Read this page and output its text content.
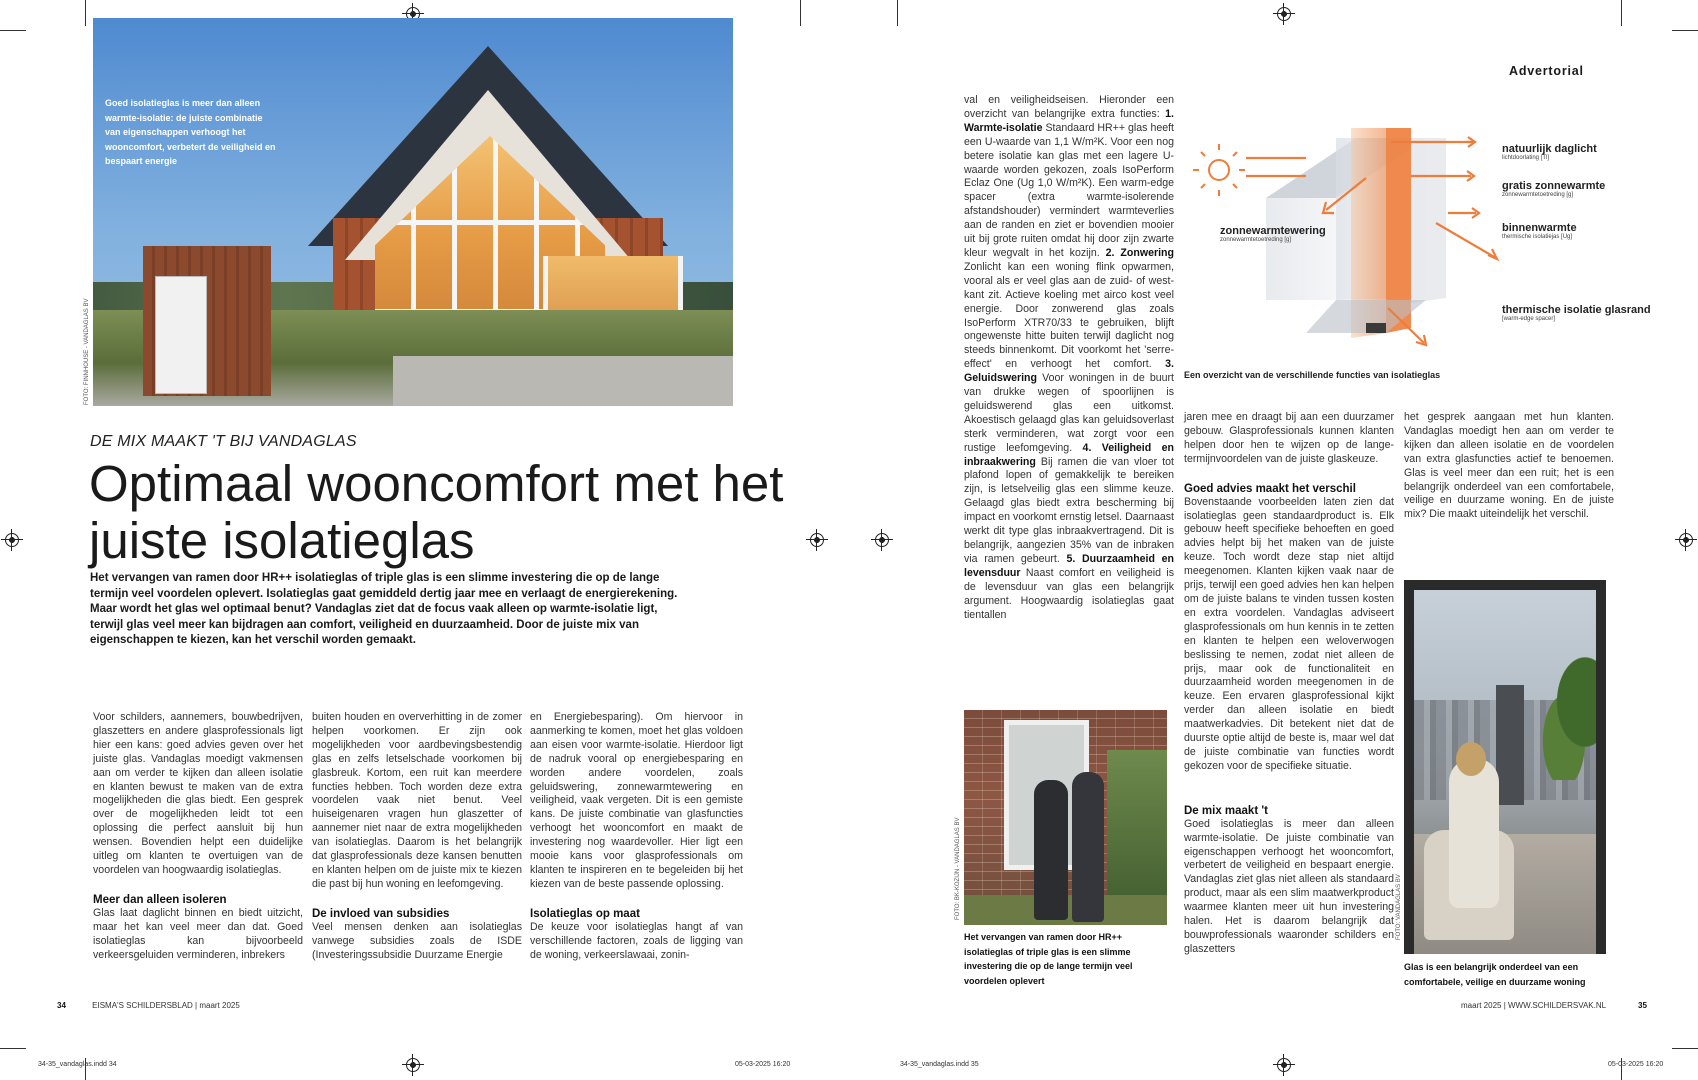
Goed isolatieglas is meer dan alleen warmte-isolatie: de juiste combinatie van eigenschappen verhoogt het wooncomfort, verbetert de veiligheid en bespaart energie
FOTO: FINNHOUSE - VANDAGLAS BV
DE MIX MAAKT 'T BIJ VANDAGLAS
Optimaal wooncomfort met het juiste isolatieglas
Het vervangen van ramen door HR++ isolatieglas of triple glas is een slimme investering die op de lange termijn veel voordelen oplevert. Isolatieglas gaat gemiddeld dertig jaar mee en verlaagt de energierekening. Maar wordt het glas wel optimaal benut? Vandaglas ziet dat de focus vaak alleen op warmte-isolatie ligt, terwijl glas veel meer kan bijdragen aan comfort, veiligheid en duurzaamheid. Door de juiste mix van eigenschappen te kiezen, kan het verschil worden gemaakt.

Voor schilders, aannemers, bouwbedrijven, glaszetters en andere glasprofessionals ligt hier een kans: goed advies geven over het juiste glas. Vandaglas moedigt vakmensen aan om verder te kijken dan alleen isolatie en klanten bewust te maken van de extra mogelijkheden die glas biedt. Een gesprek over de mogelijkheden leidt tot een oplossing die perfect aansluit bij hun wensen. Bovendien helpt een duidelijke uitleg om klanten te overtuigen van de voordelen van hoogwaardig isolatieglas.

Meer dan alleen isoleren

Glas laat daglicht binnen en biedt uitzicht, maar het kan veel meer dan dat. Goed isolatieglas kan bijvoorbeeld verkeersgeluiden verminderen, inbrekers

buiten houden en oververhitting in de zomer helpen voorkomen. Er zijn ook mogelijkheden voor aardbevingsbestendig glas en zelfs letselschade voorkomen bij glasbreuk. Kortom, een ruit kan meerdere functies hebben. Toch worden deze extra voordelen vaak niet benut. Veel huiseigenaren vragen hun glaszetter of aannemer niet naar de extra mogelijkheden van isolatieglas. Daarom is het belangrijk dat glasprofessionals deze kansen benutten en klanten helpen om de juiste mix te kiezen die past bij hun woning en leefomgeving.

De invloed van subsidies

Veel mensen denken aan isolatieglas vanwege subsidies zoals de ISDE (Investeringssubsidie Duurzame Energie

en Energiebesparing). Om hiervoor in aanmerking te komen, moet het glas voldoen aan eisen voor warmte-isolatie. Hierdoor ligt de nadruk vooral op energiebesparing en worden andere voordelen, zoals geluidswering, zonnewarmtewering en veiligheid, vaak vergeten. Dit is een gemiste kans. De juiste combinatie van glasfuncties verhoogt het wooncomfort en maakt de investering nog waardevoller. Hier ligt een mooie kans voor glasprofessionals om klanten te inspireren en te begeleiden bij het kiezen van de beste passende oplossing.

Isolatieglas op maat

De keuze voor isolatieglas hangt af van verschillende factoren, zoals de ligging van de woning, verkeerslawaai, zonin-

34	EISMA'S SCHILDERSBLAD | maart 2025
34-35_vandaglas.indd 34	05-03-2025 16:20
Advertorial

val en veiligheidseisen. Hieronder een overzicht van belangrijke extra functies: 1. Warmte-isolatie Standaard HR++ glas heeft een U-waarde van 1,1 W/m²K. Voor een nog betere isolatie kan glas met een lagere U-waarde worden gekozen, zoals IsoPerform Eclaz One (Ug 1,0 W/m²K). Een warm-edge spacer (extra warmte-isolerende afstandshouder) vermindert warmteverlies aan de randen en ziet er bovendien mooier uit bij grote ruiten omdat hij door zijn zwarte kleur wegvalt in het kozijn. 2. Zonwering Zonlicht kan een woning flink opwarmen, vooral als er veel glas aan de zuid- of west- kant zit. Actieve koeling met airco kost veel energie. Door zonwerend glas zoals IsoPerform XTR70/33 te gebruiken, blijft ongewenste hitte buiten terwijl daglicht nog steeds binnenkomt. Dit voorkomt het 'serre-effect' en verhoogt het comfort. 3. Geluidswering Voor woningen in de buurt van drukke wegen of spoorlijnen is geluidswerend glas een uitkomst. Akoestisch gelaagd glas kan geluidsoverlast sterk verminderen, wat zorgt voor een rustige leefomgeving. 4. Veiligheid en inbraakwering Bij ramen die van vloer tot plafond lopen of gemakkelijk te bereiken zijn, is letselveilig glas een slimme keuze. Gelaagd glas biedt extra bescherming bij impact en voorkomt ernstig letsel. Daarnaast werkt dit type glas inbraakvertragend. Dit is belangrijk, aangezien 35% van de inbraken via ramen gebeurt. 5. Duurzaamheid en levensduur Naast comfort en veiligheid is de levensduur van glas een belangrijk argument. Hoogwaardig isolatieglas gaat tientallen

natuurlijk daglicht
lichtdoorlating [Tl]
gratis zonnewarmte
zonnewarmtetoetreding [g]
binnenwarmte
thermische isolatiejas [Ug]
zonnewarmtewering
zonnewarmtetoetreding [g]
thermische isolatie glasrand
[warm-edge spacer]
Een overzicht van de verschillende functies van isolatieglas

jaren mee en draagt bij aan een duurzamer gebouw. Glasprofessionals kunnen klanten helpen door hen te wijzen op de lange-termijnvoordelen van de juiste glaskeuze.

Goed advies maakt het verschil

Bovenstaande voorbeelden laten zien dat isolatieglas geen standaardproduct is. Elk gebouw heeft specifieke behoeften en goed advies helpt bij het maken van de juiste keuze. Toch wordt deze stap niet altijd meegenomen. Klanten kijken vaak naar de prijs, terwijl een goed advies hen kan helpen om de juiste balans te vinden tussen kosten en extra voordelen. Vandaglas adviseert glasprofessionals om hun kennis in te zetten en klanten te helpen een weloverwogen beslissing te nemen, zodat niet alleen de prijs, maar ook de functionaliteit en duurzaamheid worden meegenomen in de keuze. Een ervaren glasprofessional kijkt verder dan alleen isolatie en biedt maatwerkadvies. Dit betekent niet dat de duurste optie altijd de beste is, maar wel dat de juiste combinatie van functies wordt gekozen voor de specifieke situatie.

De mix maakt 't

Goed isolatieglas is meer dan alleen warmte-isolatie. De juiste combinatie van eigenschappen verhoogt het wooncomfort, verbetert de veiligheid en bespaart energie. Vandaglas ziet glas niet alleen als standaard product, maar als een slim maatwerkproduct waarmee klanten meer uit hun investering halen. Het is daarom belangrijk dat bouwprofessionals waaronder schilders en glaszetters

het gesprek aangaan met hun klanten. Vandaglas moedigt hen aan om verder te kijken dan alleen isolatie en de voordelen van extra glasfuncties actief te benoemen. Glas is veel meer dan een ruit; het is een belangrijk onderdeel van een comfortabele, veilige en duurzame woning. En de juiste mix? Die maakt uiteindelijk het verschil.

FOTO: BK-KOZIJN - VANDAGLAS BV
Het vervangen van ramen door HR++ isolatieglas of triple glas is een slimme investering die op de lange termijn veel voordelen oplevert
FOTO: VANDAGLAS BV
Glas is een belangrijk onderdeel van een comfortabele, veilige en duurzame woning
maart 2025 | WWW.SCHILDERSVAK.NL	35
34-35_vandaglas.indd 35	05-03-2025 16:20
